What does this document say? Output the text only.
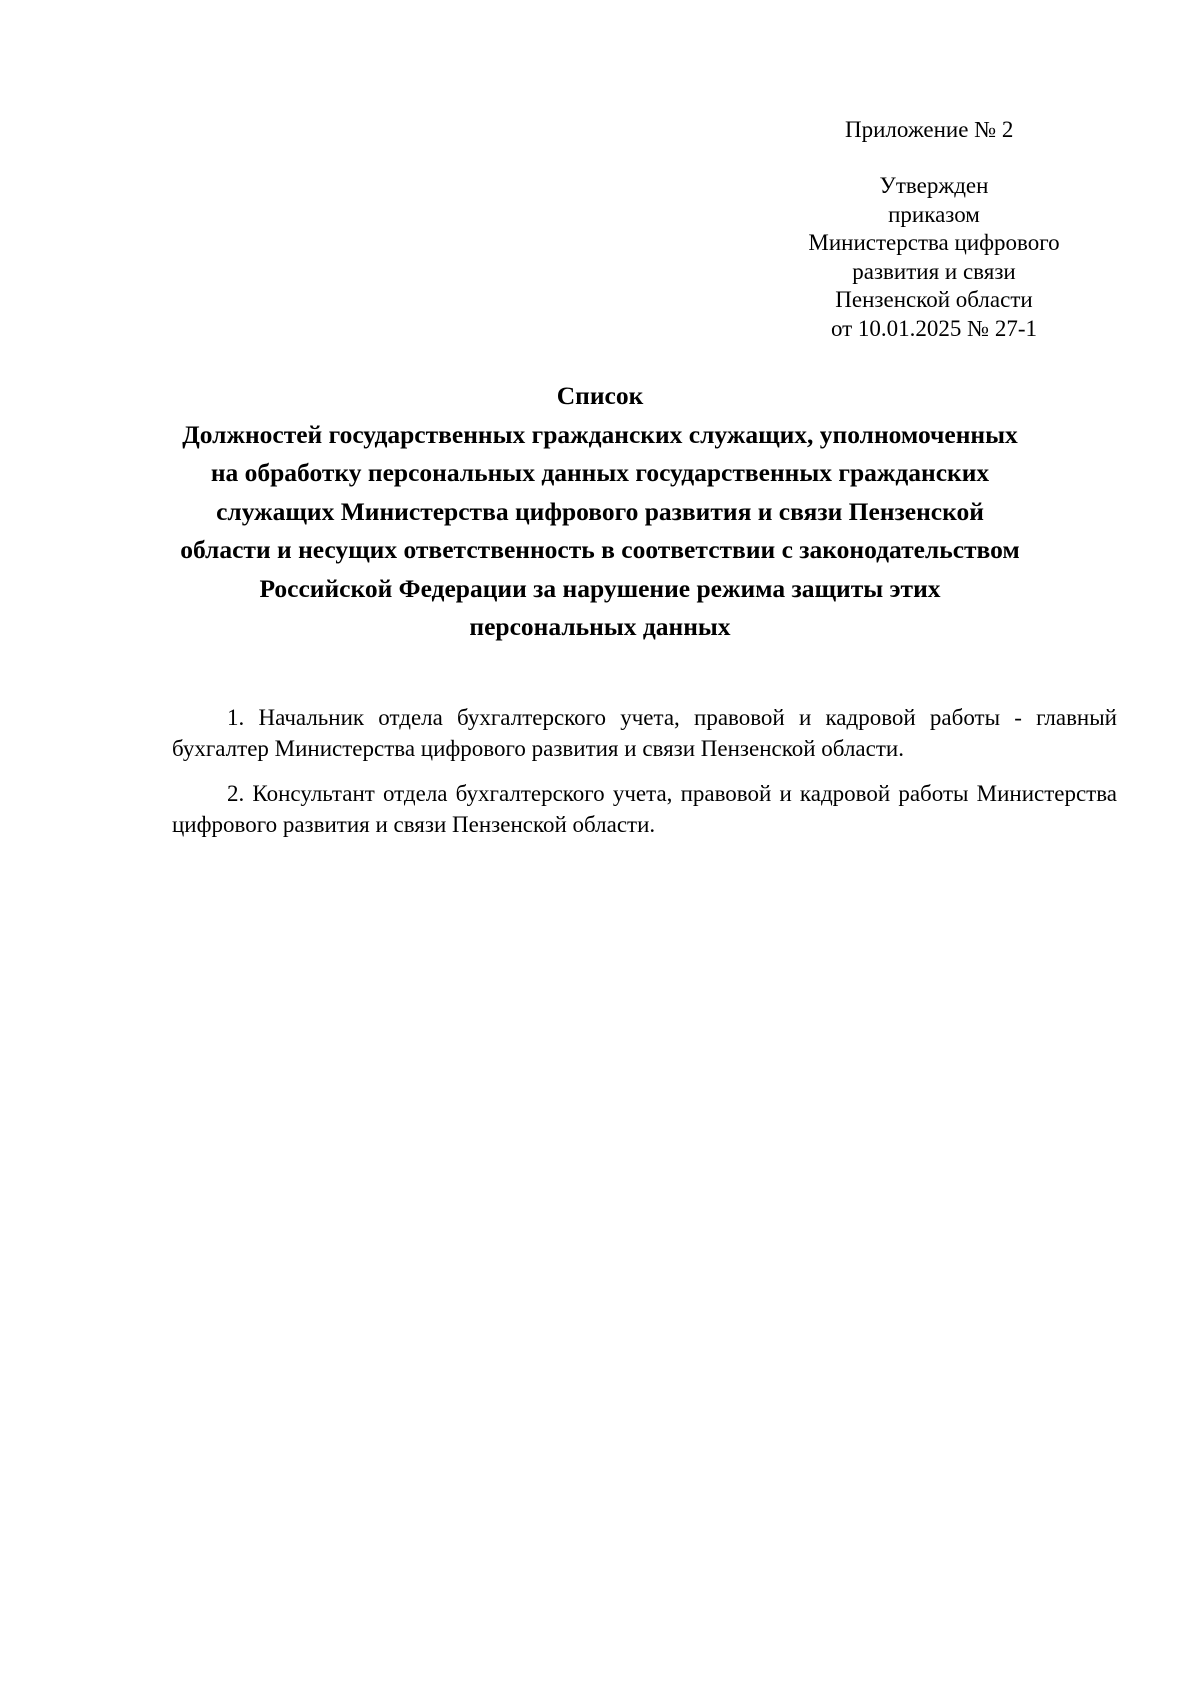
Приложение № 2
Утвержден
приказом
Министерства цифрового
развития и связи
Пензенской области
от 10.01.2025 № 27-1
Список
Должностей государственных гражданских служащих, уполномоченных
на обработку персональных данных государственных гражданских
служащих Министерства цифрового развития и связи Пензенской
области и несущих ответственность в соответствии с законодательством
Российской Федерации за нарушение режима защиты этих
персональных данных

1. Начальник отдела бухгалтерского учета, правовой и кадровой работы - главный бухгалтер Министерства цифрового развития и связи Пензенской области.

2. Консультант отдела бухгалтерского учета, правовой и кадровой работы Министерства цифрового развития и связи Пензенской области.
